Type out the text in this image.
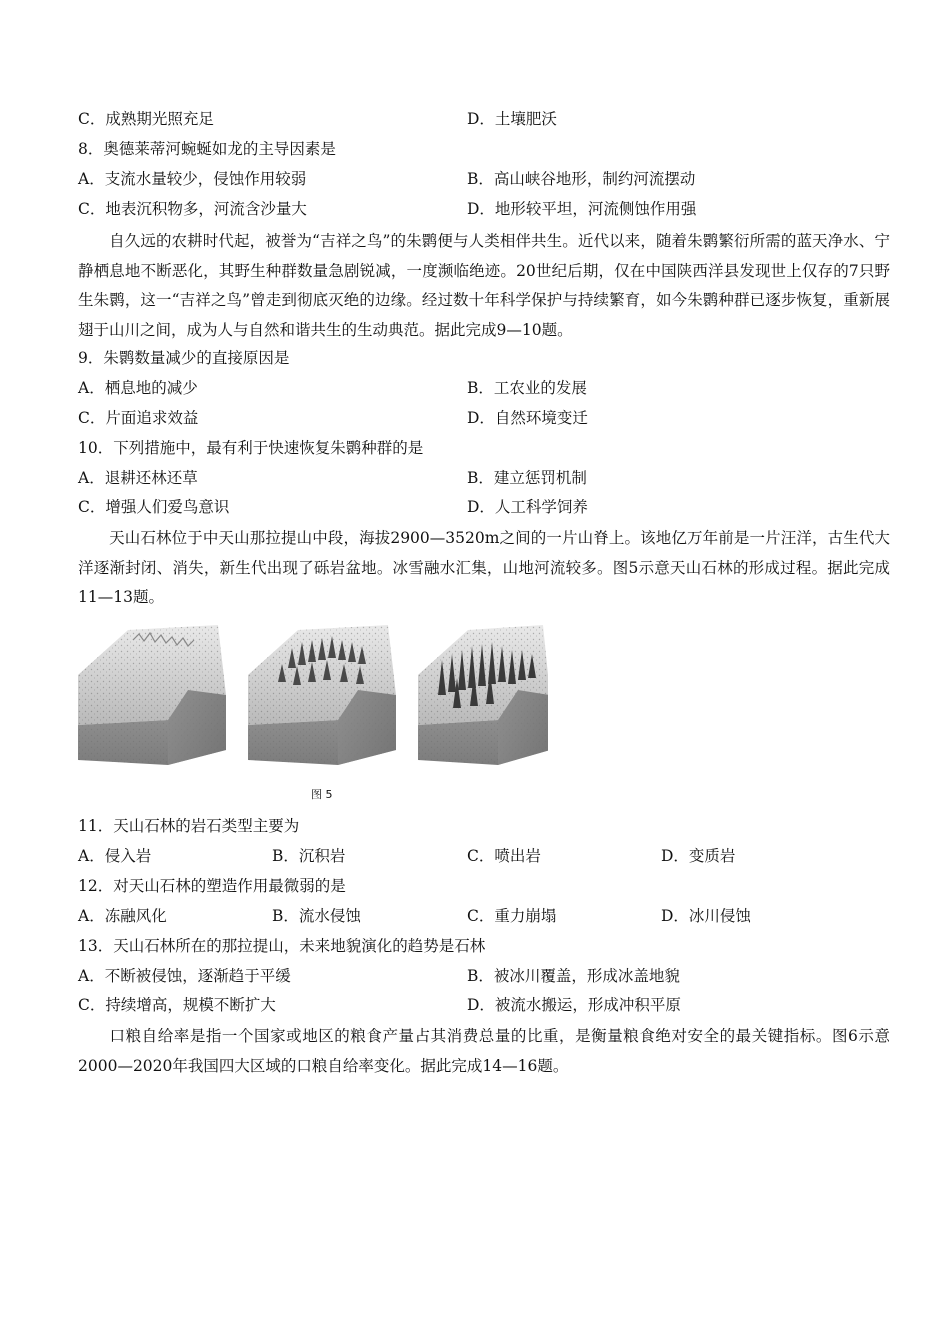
C．成熟期光照充足	D．土壤肥沃
8．奥德莱蒂河蜿蜒如龙的主导因素是
A．支流水量较少，侵蚀作用较弱	B．高山峡谷地形，制约河流摆动
C．地表沉积物多，河流含沙量大	D．地形较平坦，河流侧蚀作用强
自久远的农耕时代起，被誉为“吉祥之鸟”的朱鹮便与人类相伴共生。近代以来，随着朱鹮繁衍所需的蓝天净水、宁静栖息地不断恶化，其野生种群数量急剧锐减，一度濒临绝迹。20世纪后期，仅在中国陕西洋县发现世上仅存的7只野生朱鹮，这一“吉祥之鸟”曾走到彻底灭绝的边缘。经过数十年科学保护与持续繁育，如今朱鹮种群已逐步恢复，重新展翅于山川之间，成为人与自然和谐共生的生动典范。据此完成9—10题。
9．朱鹮数量减少的直接原因是
A．栖息地的减少	B．工农业的发展
C．片面追求效益	D．自然环境变迁
10．下列措施中，最有利于快速恢复朱鹮种群的是
A．退耕还林还草	B．建立惩罚机制
C．增强人们爱鸟意识	D．人工科学饲养
天山石林位于中天山那拉提山中段，海拔2900—3520m之间的一片山脊上。该地亿万年前是一片汪洋，古生代大洋逐渐封闭、消失，新生代出现了砾岩盆地。冰雪融水汇集，山地河流较多。图5示意天山石林的形成过程。据此完成11—13题。
图 5
11．天山石林的岩石类型主要为
A．侵入岩	B．沉积岩	C．喷出岩	D．变质岩
12．对天山石林的塑造作用最微弱的是
A．冻融风化	B．流水侵蚀	C．重力崩塌	D．冰川侵蚀
13．天山石林所在的那拉提山，未来地貌演化的趋势是石林
A．不断被侵蚀，逐渐趋于平缓	B．被冰川覆盖，形成冰盖地貌
C．持续增高，规模不断扩大	D．被流水搬运，形成冲积平原
口粮自给率是指一个国家或地区的粮食产量占其消费总量的比重，是衡量粮食绝对安全的最关键指标。图6示意2000—2020年我国四大区域的口粮自给率变化。据此完成14—16题。
